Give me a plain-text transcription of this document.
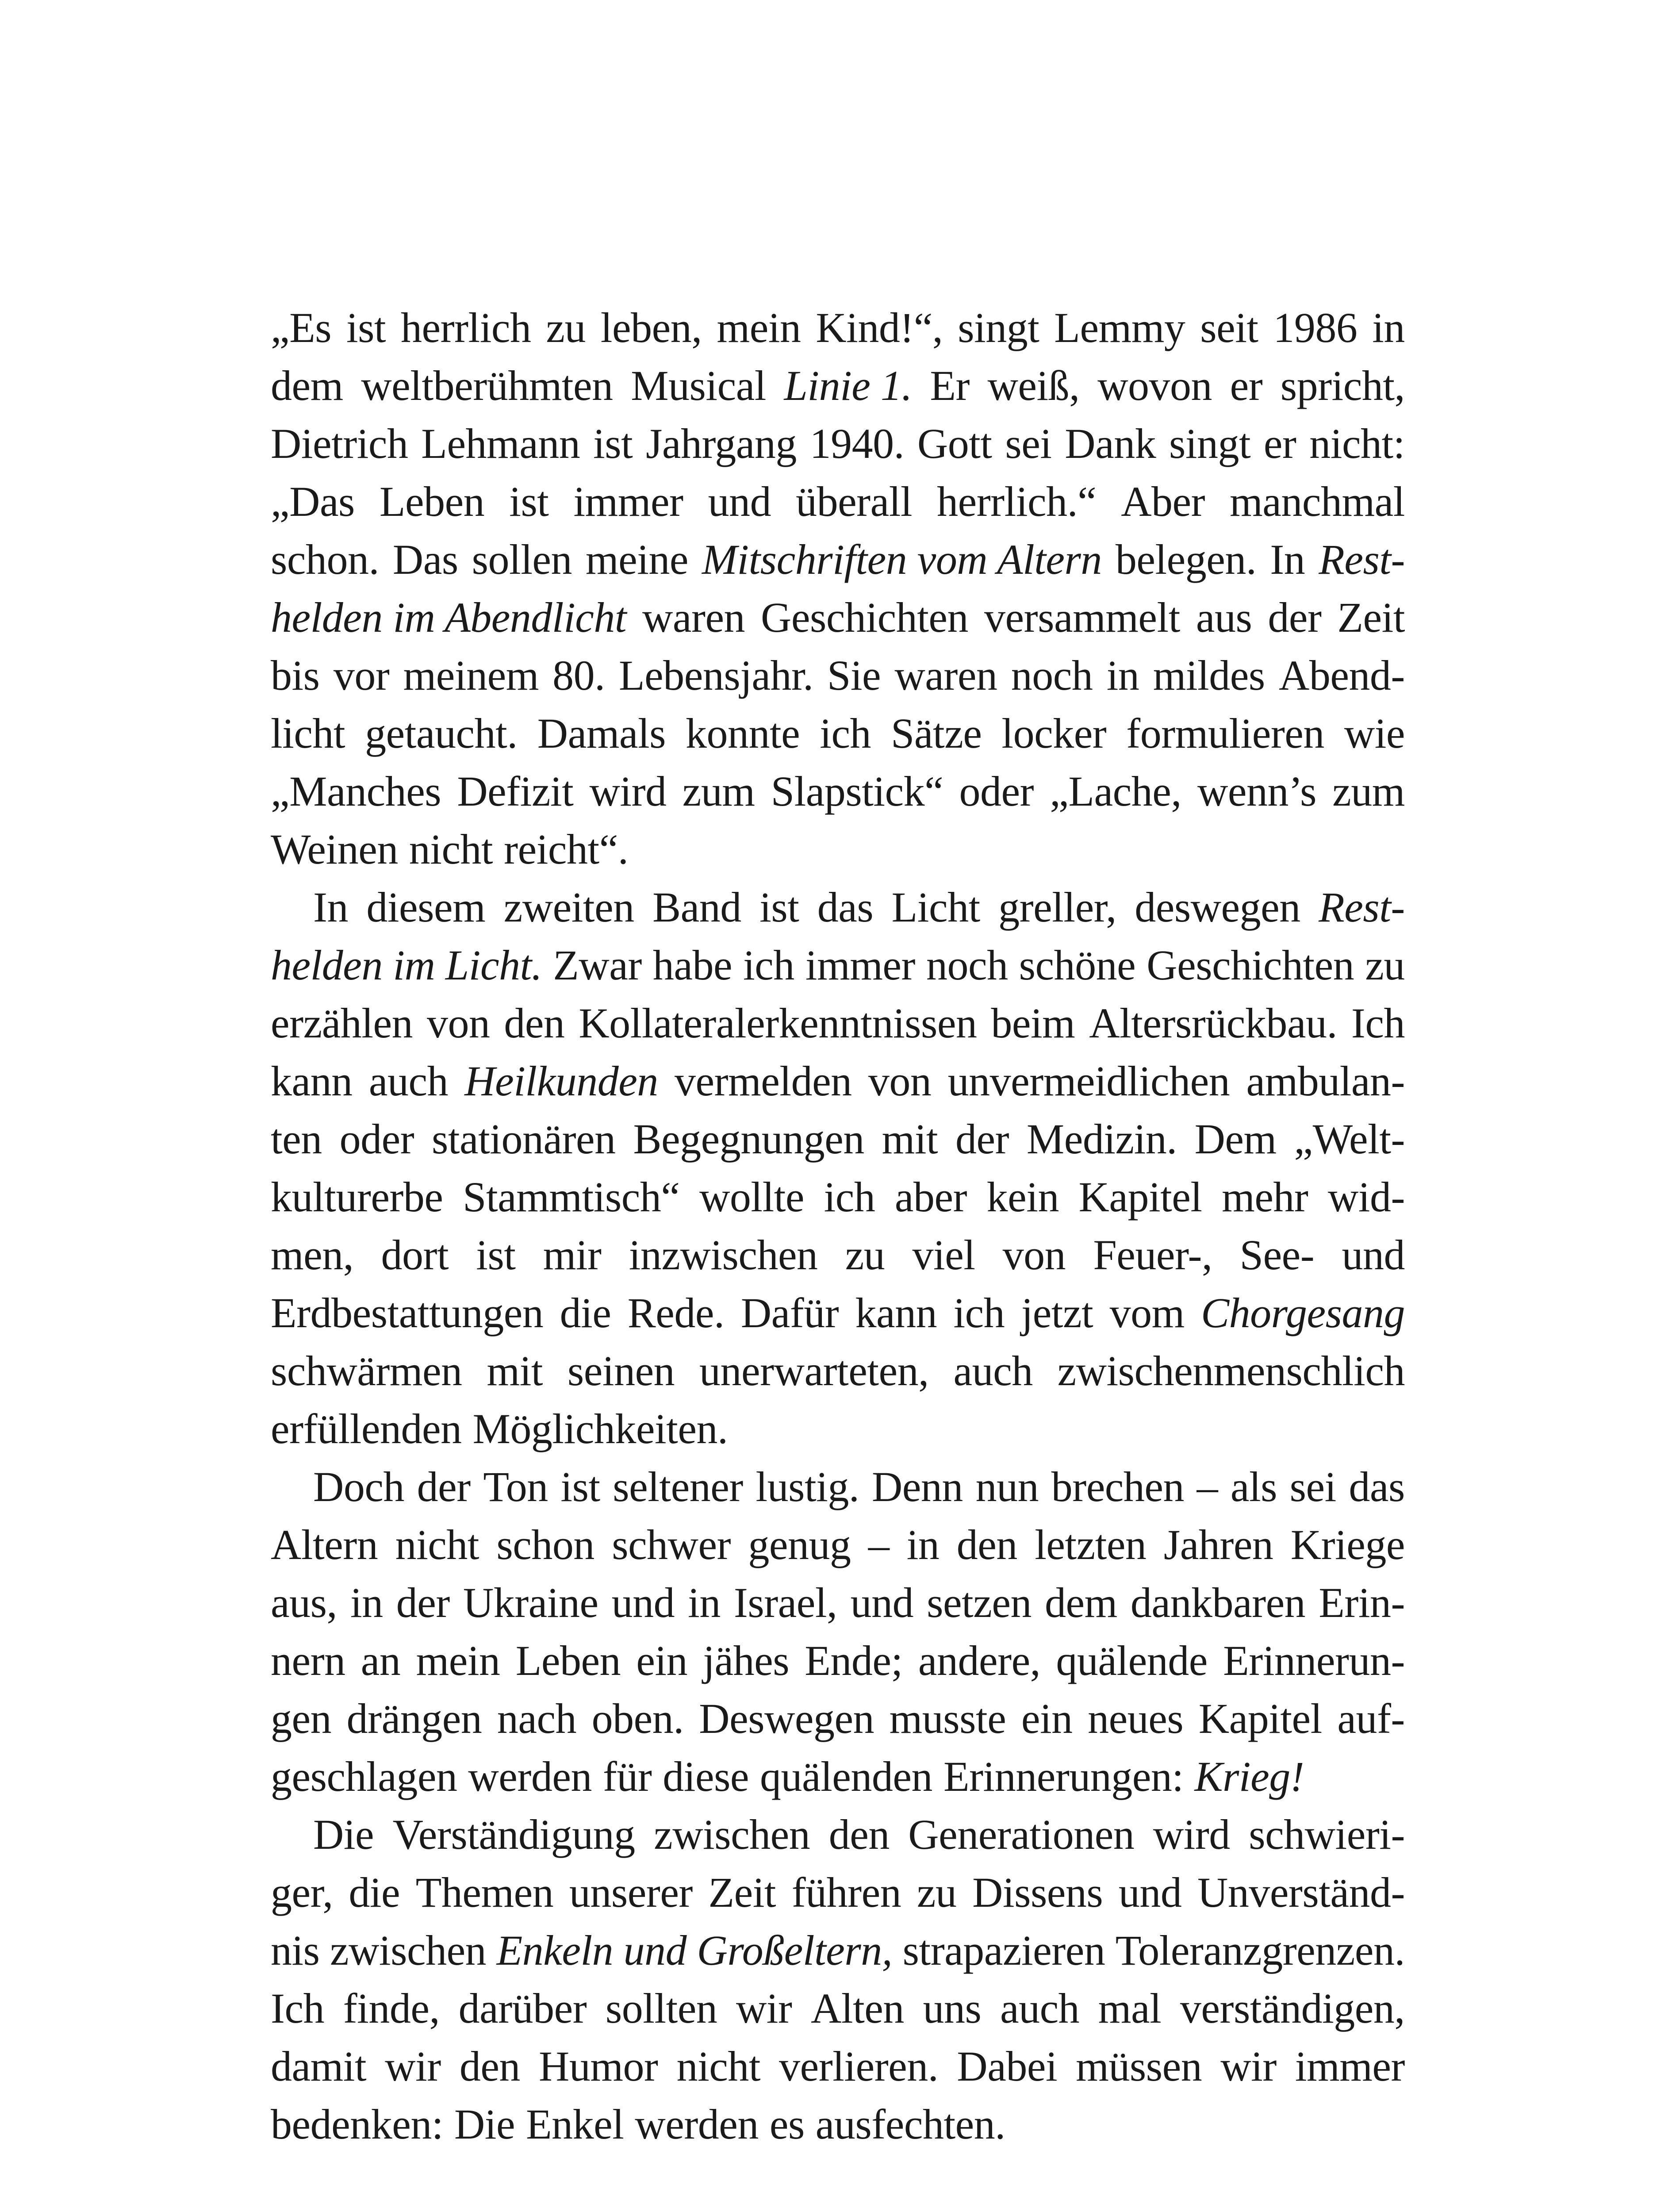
„Es ist herrlich zu leben, mein Kind!“, singt Lemmy seit 1986 in
dem weltberühmten Musical Linie 1. Er weiß, wovon er spricht,
Dietrich Lehmann ist Jahrgang 1940. Gott sei Dank singt er nicht:
„Das Leben ist immer und überall herrlich.“ Aber manchmal
schon. Das sollen meine Mitschriften vom Altern belegen. In Rest-
helden im Abendlicht waren Geschichten versammelt aus der Zeit
bis vor meinem 80. Lebensjahr. Sie waren noch in mildes Abend-
licht getaucht. Damals konnte ich Sätze locker formulieren wie
„Manches Defizit wird zum Slapstick“ oder „Lache, wenn’s zum
Weinen nicht reicht“.
In diesem zweiten Band ist das Licht greller, deswegen Rest-
helden im Licht. Zwar habe ich immer noch schöne Geschichten zu
erzählen von den Kollateralerkenntnissen beim Altersrückbau. Ich
kann auch Heilkunden vermelden von unvermeidlichen ambulan-
ten oder stationären Begegnungen mit der Medizin. Dem „Welt-
kulturerbe Stammtisch“ wollte ich aber kein Kapitel mehr wid-
men, dort ist mir inzwischen zu viel von Feuer-, See- und
Erdbestattungen die Rede. Dafür kann ich jetzt vom Chorgesang
schwärmen mit seinen unerwarteten, auch zwischenmenschlich
erfüllenden Möglichkeiten.
Doch der Ton ist seltener lustig. Denn nun brechen – als sei das
Altern nicht schon schwer genug – in den letzten Jahren Kriege
aus, in der Ukraine und in Israel, und setzen dem dankbaren Erin-
nern an mein Leben ein jähes Ende; andere, quälende Erinnerun-
gen drängen nach oben. Deswegen musste ein neues Kapitel auf-
geschlagen werden für diese quälenden Erinnerungen: Krieg!
Die Verständigung zwischen den Generationen wird schwieri-
ger, die Themen unserer Zeit führen zu Dissens und Unverständ-
nis zwischen Enkeln und Großeltern, strapazieren Toleranzgrenzen.
Ich finde, darüber sollten wir Alten uns auch mal verständigen,
damit wir den Humor nicht verlieren. Dabei müssen wir immer
bedenken: Die Enkel werden es ausfechten.
